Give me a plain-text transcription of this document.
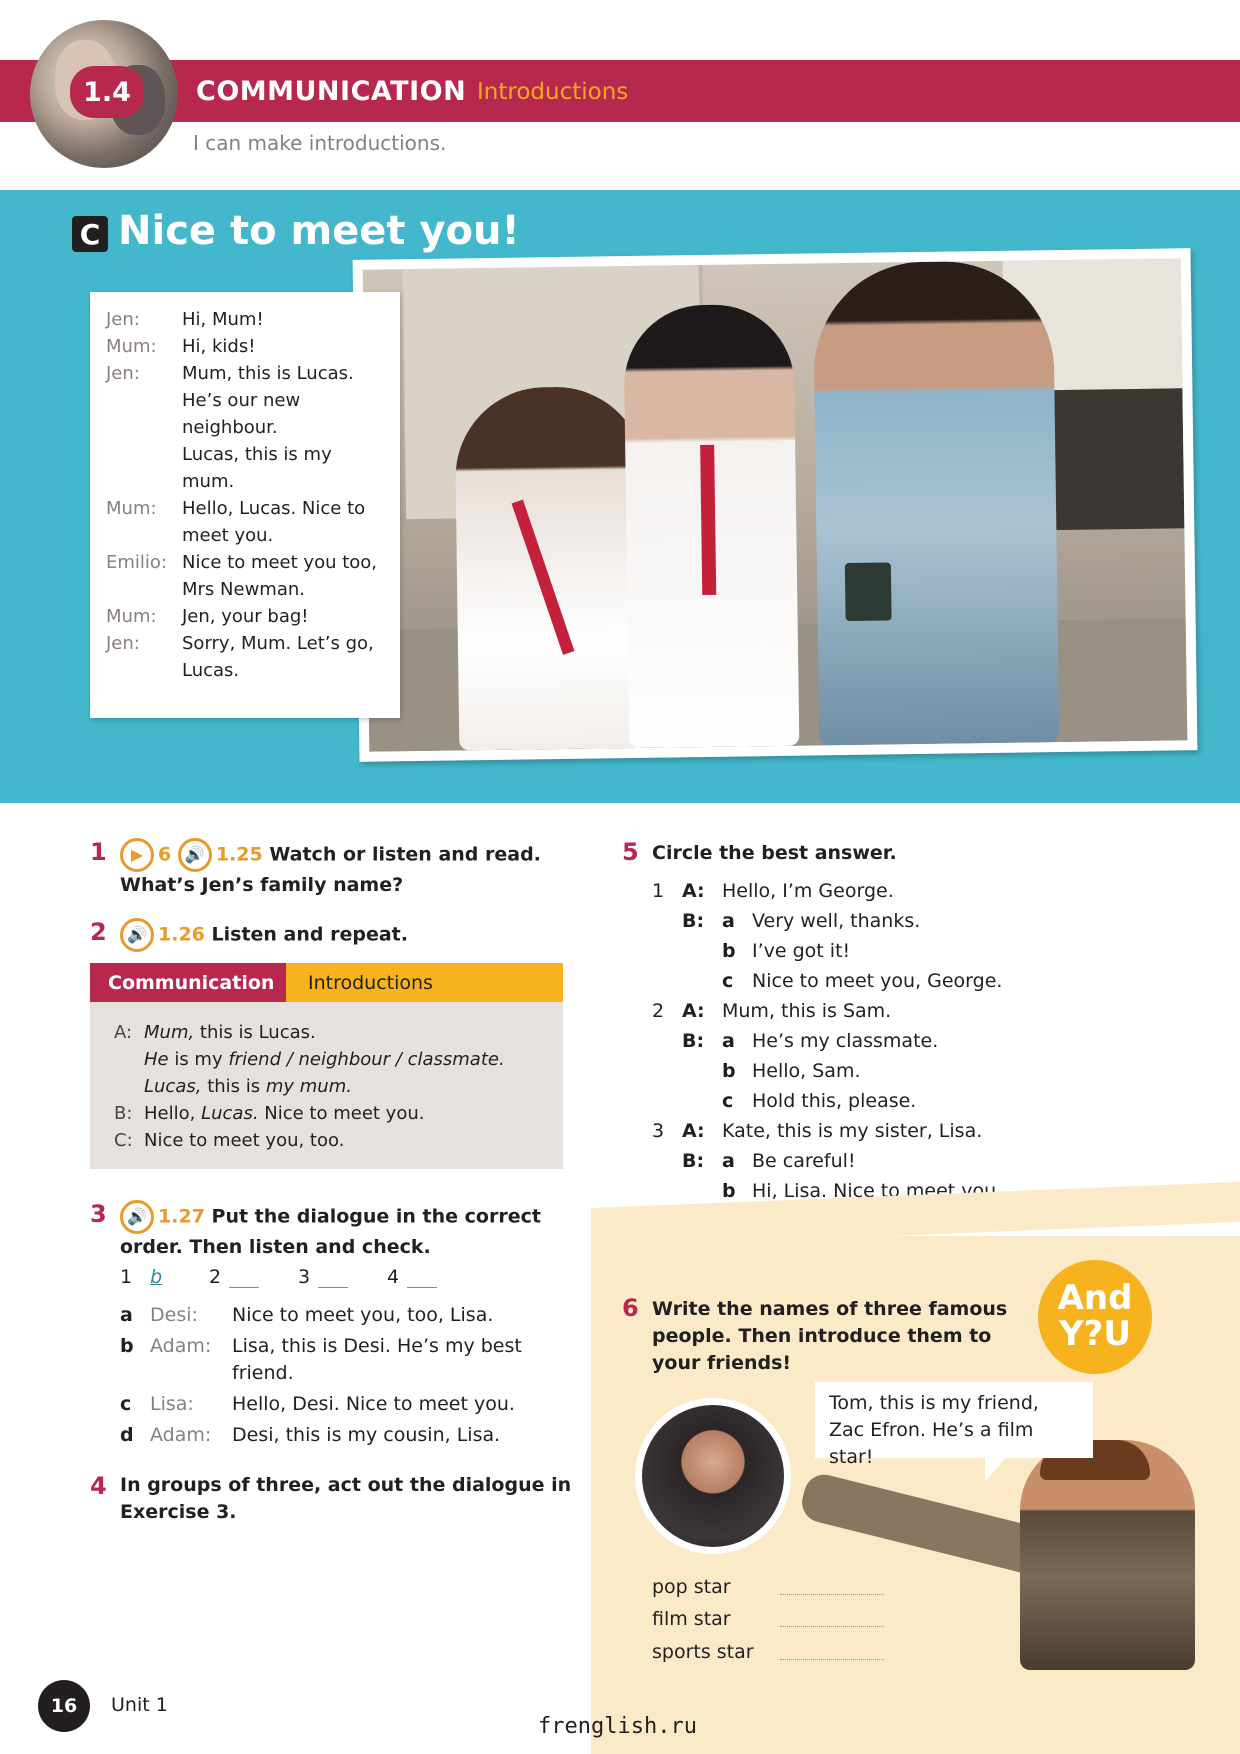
1.4	COMMUNICATION Introductions
I can make introductions.
C Nice to meet you!
Jen:	Hi, Mum!
Mum:	Hi, kids!
Jen:	Mum, this is Lucas. He’s our new neighbour.
Lucas, this is my mum.
Mum:	Hello, Lucas. Nice to meet you.
Emilio: Nice to meet you too, Mrs Newman.
Mum:	Jen, your bag!
Jen:	Sorry, Mum. Let’s go, Lucas.
1	▶ 6 🔊 1.25 Watch or listen and read.
What’s Jen’s family name?
2	🔊 1.26 Listen and repeat.
Communication	Introductions
A: Mum, this is Lucas.
He is my friend / neighbour / classmate.
Lucas, this is my mum.
B: Hello, Lucas. Nice to meet you.
C: Nice to meet you, too.
3	🔊 1.27 Put the dialogue in the correct
order. Then listen and check.
1 b 2	3	4
a Desi:	Nice to meet you, too, Lisa.
b Adam:	Lisa, this is Desi. He’s my best friend.
c Lisa:	Hello, Desi. Nice to meet you.
d Adam:	Desi, this is my cousin, Lisa.
4 In groups of three, act out the dialogue in
Exercise 3.
5 Circle the best answer.
1 A: Hello, I’m George.
B: a Very well, thanks.
b I’ve got it!
c Nice to meet you, George.
2 A: Mum, this is Sam.
B: a He’s my classmate.
b Hello, Sam.
c Hold this, please.
3 A: Kate, this is my sister, Lisa.
B: a Be careful!
b Hi, Lisa. Nice to meet you.
6 Write the names of three famous
people. Then introduce them to
your friends!
And
Y?U
Tom, this is my friend, Zac Efron. He’s a film star!
pop star
film star
sports star
16	Unit 1
frenglish.ru
